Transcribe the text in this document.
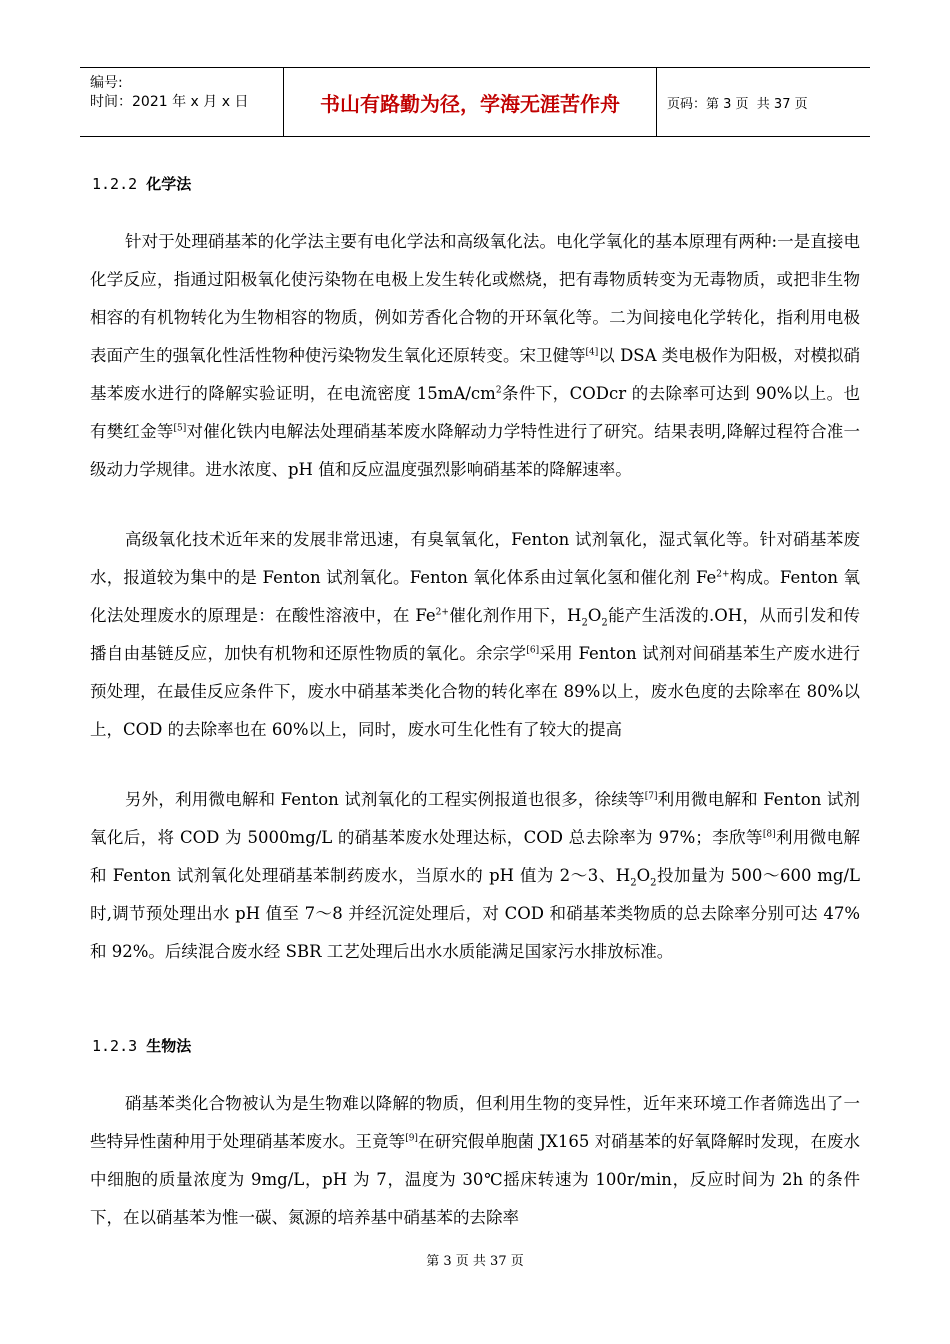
编号:
时间：2021 年 x 月 x 日	书山有路勤为径，学海无涯苦作舟	页码：第 3 页  共 37 页
1.2.2 化学法

针对于处理硝基苯的化学法主要有电化学法和高级氧化法。电化学氧化的基本原理有两种:一是直接电化学反应，指通过阳极氧化使污染物在电极上发生转化或燃烧，把有毒物质转变为无毒物质，或把非生物相容的有机物转化为生物相容的物质，例如芳香化合物的开环氧化等。二为间接电化学转化，指利用电极表面产生的强氧化性活性物种使污染物发生氧化还原转变。宋卫健等[4]以 DSA 类电极作为阳极，对模拟硝基苯废水进行的降解实验证明，在电流密度 $15mA/cm^2$条件下，CODcr 的去除率可达到 90%以上。也有樊红金等[5]对催化铁内电解法处理硝基苯废水降解动力学特性进行了研究。结果表明,降解过程符合准一级动力学规律。进水浓度、pH 值和反应温度强烈影响硝基苯的降解速率。

高级氧化技术近年来的发展非常迅速，有臭氧氧化，Fenton 试剂氧化，湿式氧化等。针对硝基苯废水，报道较为集中的是 Fenton 试剂氧化。Fenton 氧化体系由过氧化氢和催化剂 $Fe^{2+}$构成。Fenton 氧化法处理废水的原理是：在酸性溶液中，在 $Fe^{2+}$催化剂作用下，$H_2O_2$能产生活泼的.OH，从而引发和传播自由基链反应，加快有机物和还原性物质的氧化。余宗学[6]采用 Fenton 试剂对间硝基苯生产废水进行预处理，在最佳反应条件下，废水中硝基苯类化合物的转化率在 89%以上，废水色度的去除率在 80%以上，COD 的去除率也在 60%以上，同时，废水可生化性有了较大的提高

另外，利用微电解和 Fenton 试剂氧化的工程实例报道也很多，徐续等[7]利用微电解和 Fenton 试剂氧化后，将 COD 为 5000mg/L 的硝基苯废水处理达标，COD 总去除率为 97%；李欣等[8]利用微电解和 Fenton 试剂氧化处理硝基苯制药废水，当原水的 pH 值为 2～3、$H_2O_2$投加量为 500～600 mg/L 时,调节预处理出水 pH 值至 7～8 并经沉淀处理后，对 COD 和硝基苯类物质的总去除率分别可达 47%和 92%。后续混合废水经 SBR 工艺处理后出水水质能满足国家污水排放标准。

1.2.3 生物法

硝基苯类化合物被认为是生物难以降解的物质，但利用生物的变异性，近年来环境工作者筛选出了一些特异性菌种用于处理硝基苯废水。王竟等[9]在研究假单胞菌 JX165 对硝基苯的好氧降解时发现，在废水中细胞的质量浓度为 9mg/L，pH 为 7，温度为 30℃摇床转速为 100r/min，反应时间为 2h 的条件下，在以硝基苯为惟一碳、氮源的培养基中硝基苯的去除率

第 3 页 共 37 页
